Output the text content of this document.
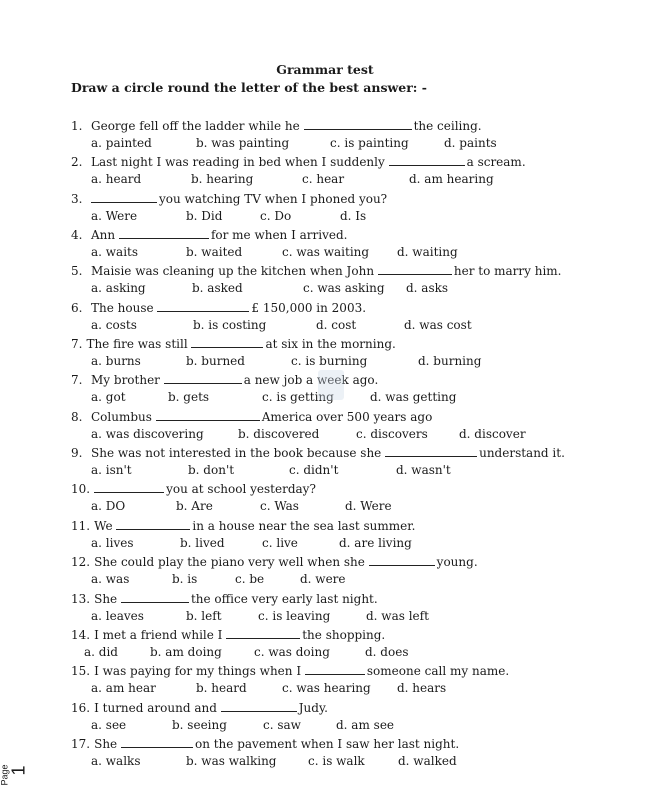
Grammar test
Draw a circle round the letter of the best answer: -
1. George fell off the ladder while he	the ceiling.
a. painted	b. was painting	c. is painting	d. paints
2. Last night I was reading in bed when I suddenly	a scream.
a. heard	b. hearing	c. hear	d. am hearing
3.	you watching TV when I phoned you?
a. Were	b. Did	c. Do	d. Is
4. Ann	for me when I arrived.
a. waits	b. waited	c. was waiting d. waiting
5. Maisie was cleaning up the kitchen when John	her to marry him.
a. asking	b. asked	c. was asking d. asks
6. The house	£ 150,000 in 2003.
a. costs	b. is costing	d. cost	d. was cost
7. The fire was still	at six in the morning.
a. burns	b. burned	c. is burning	d. burning
7. My brother	a new job a week ago.
a. got	b. gets	c. is getting	d. was getting
8. Columbus	America over 500 years ago
a. was discovering	b. discovered	c. discovers	d. discover
9. She was not interested in the book because she	understand it.
a. isn't	b. don't	c. didn't	d. wasn't
10.	you at school yesterday?
a. DO	b. Are	c. Was	d. Were
11. We	in a house near the sea last summer.
a. lives	b. lived	c. live	d. are living
12. She could play the piano very well when she	young.
a. was	b. is	c. be	d. were
13. She	the office very early last night.
a. leaves	b. left	c. is leaving	d. was left
14. I met a friend while I	the shopping.
a. did	b. am doing	c. was doing	d. does
15. I was paying for my things when I	someone call my name.
a. am hear	b. heard	c. was hearing d. hears
16. I turned around and	Judy.
a. see	b. seeing	c. saw	d. am see
17. She	on the pavement when I saw her last night.
a. walks	b. was walking	c. is walk	d. walked
Page
1
